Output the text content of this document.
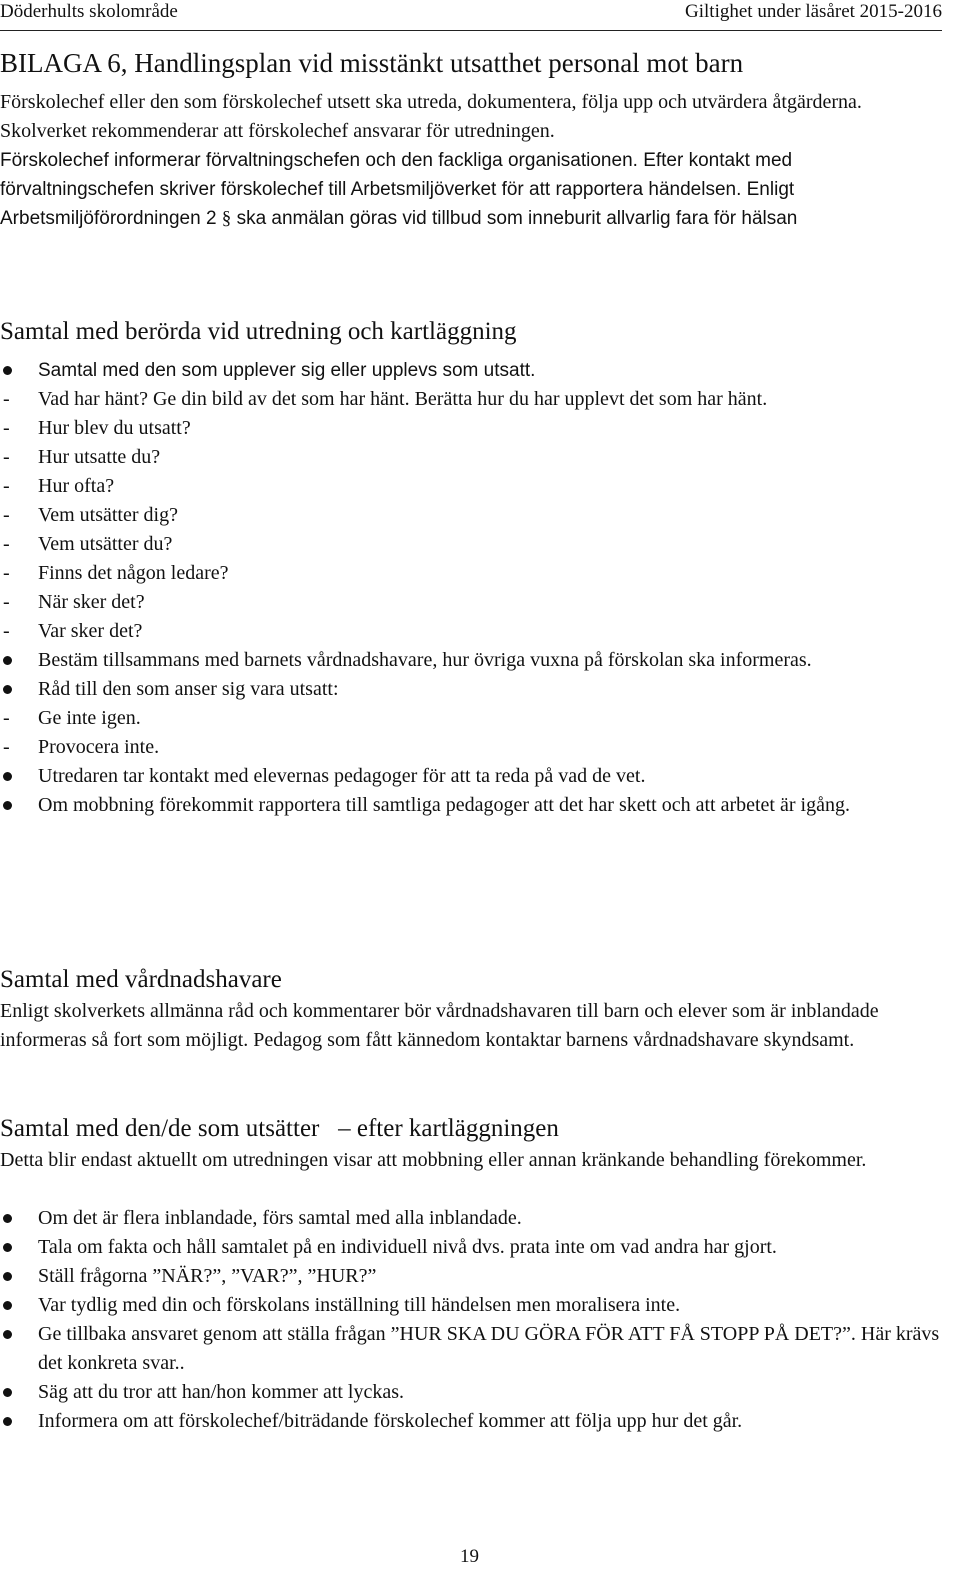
Döderhults skolområde	Giltighet under läsåret 2015-2016
BILAGA 6, Handlingsplan vid misstänkt utsatthet personal mot barn

Förskolechef eller den som förskolechef utsett ska utreda, dokumentera, följa upp och utvärdera åtgärderna. Skolverket rekommenderar att förskolechef ansvarar för utredningen.

Förskolechef informerar förvaltningschefen och den fackliga organisationen. Efter kontakt med förvaltningschefen skriver förskolechef till Arbetsmiljöverket för att rapportera händelsen. Enligt Arbetsmiljöförordningen 2 § ska anmälan göras vid tillbud som inneburit allvarlig fara för hälsan

Samtal med berörda vid utredning och kartläggning
Samtal med den som upplever sig eller upplevs som utsatt.
- Vad har hänt? Ge din bild av det som har hänt. Berätta hur du har upplevt det som har hänt.
- Hur blev du utsatt?
- Hur utsatte du?
- Hur ofta?
- Vem utsätter dig?
- Vem utsätter du?
- Finns det någon ledare?
- När sker det?
- Var sker det?
Bestäm tillsammans med barnets vårdnadshavare, hur övriga vuxna på förskolan ska informeras.
Råd till den som anser sig vara utsatt:
- Ge inte igen.
- Provocera inte.
Utredaren tar kontakt med elevernas pedagoger för att ta reda på vad de vet.
Om mobbning förekommit rapportera till samtliga pedagoger att det har skett och att arbetet är igång.
Samtal med vårdnadshavare
Enligt skolverkets allmänna råd och kommentarer bör vårdnadshavaren till barn och elever som är inblandade informeras så fort som möjligt. Pedagog som fått kännedom kontaktar barnens vårdnadshavare skyndsamt.
Samtal med den/de som utsätter   – efter kartläggningen
Detta blir endast aktuellt om utredningen visar att mobbning eller annan kränkande behandling förekommer.
Om det är flera inblandade, förs samtal med alla inblandade.
Tala om fakta och håll samtalet på en individuell nivå dvs. prata inte om vad andra har gjort.
Ställ frågorna ”NÄR?”, ”VAR?”, ”HUR?”
Var tydlig med din och förskolans inställning till händelsen men moralisera inte.
Ge tillbaka ansvaret genom att ställa frågan ”HUR SKA DU GÖRA FÖR ATT FÅ STOPP PÅ DET?”. Här krävs det konkreta svar..
Säg att du tror att han/hon kommer att lyckas.
Informera om att förskolechef/biträdande förskolechef kommer att följa upp hur det går.
19
